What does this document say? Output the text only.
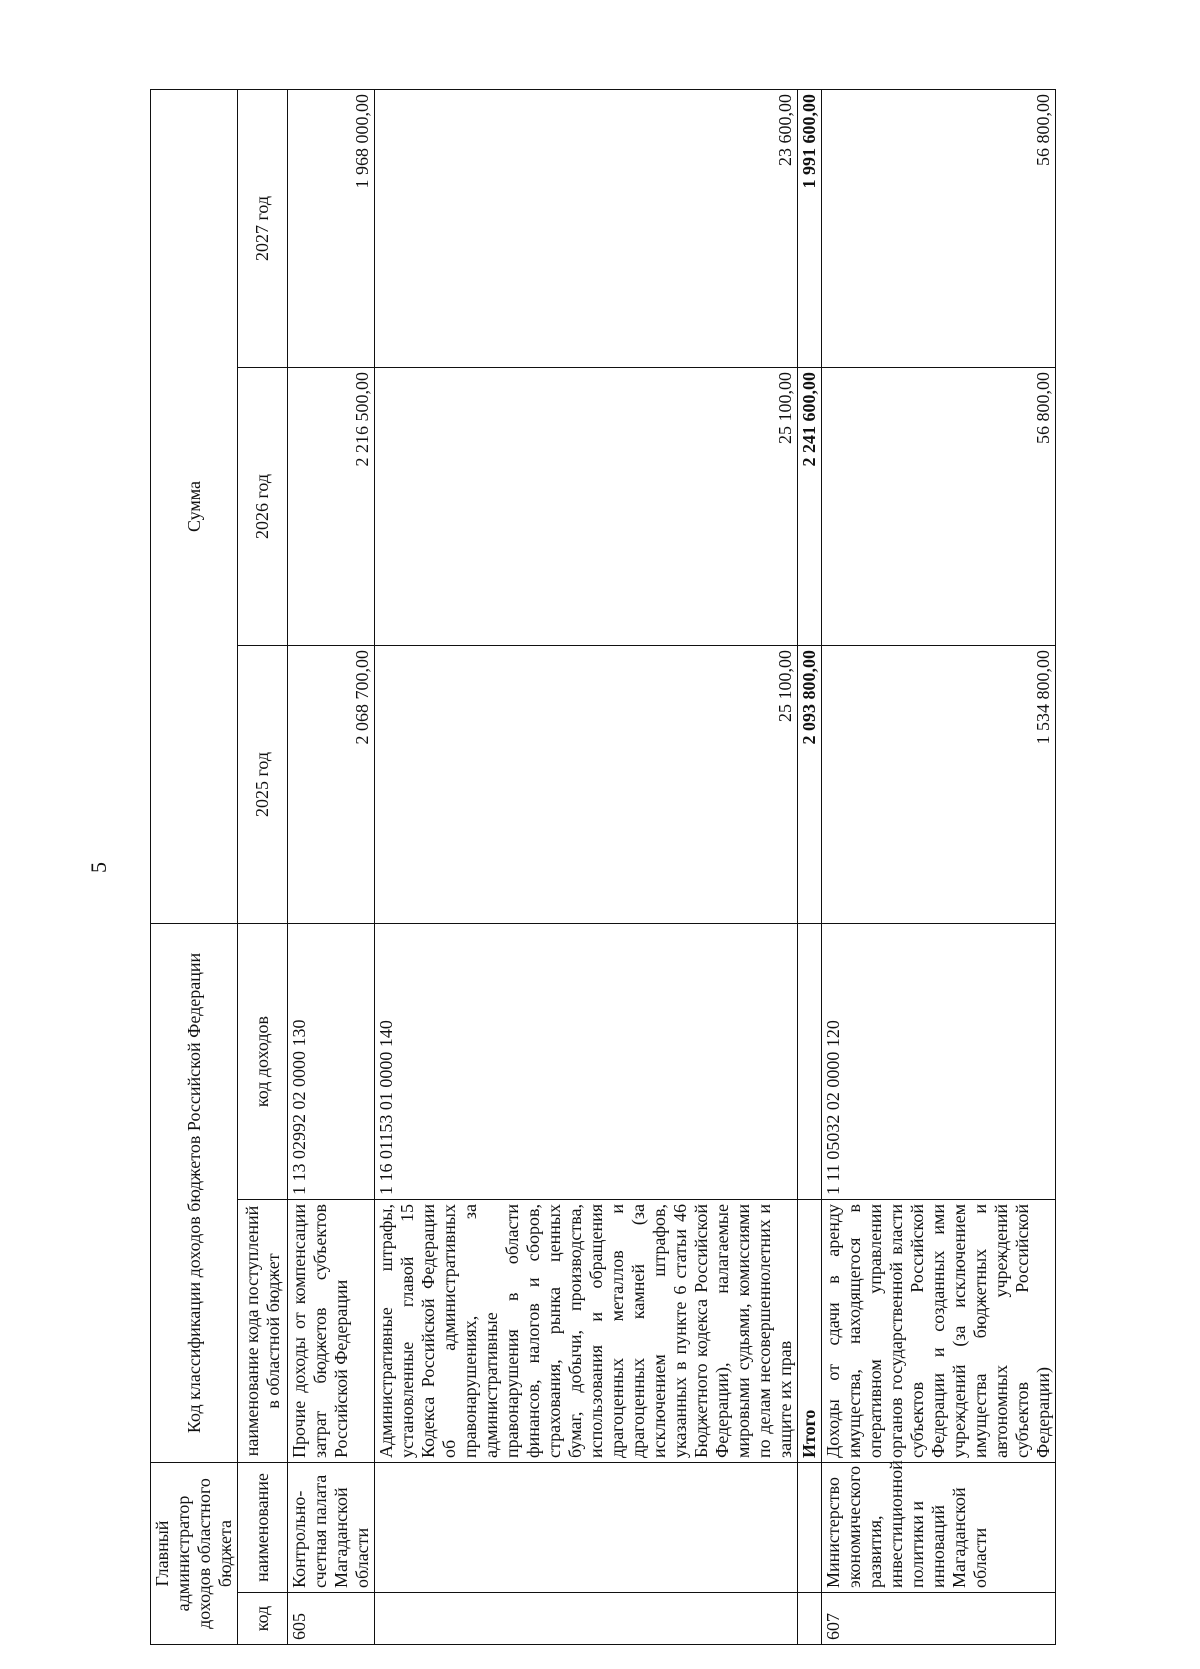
5
Главный администратор доходов областного бюджета		Код классификации доходов бюджетов Российской Федерации		Сумма		
код	наименование	наименование кода поступлений в областной бюджет	код доходов	2025 год	2026 год	2027 год
605	Контрольно-счетная палата Магаданской области	Прочие доходы от компенсации затрат бюджетов субъектов Российской Федерации	1 13 02992 02 0000 130	2 068 700,00	2 216 500,00	1 968 000,00
		Административные штрафы, установленные главой 15 Кодекса Российской Федерации об административных правонарушениях, за административные правонарушения в области финансов, налогов и сборов, страхования, рынка ценных бумаг, добычи, производства, использования и обращения драгоценных металлов и драгоценных камней (за исключением штрафов, указанных в пункте 6 статьи 46 Бюджетного кодекса Российской Федерации), налагаемые мировыми судьями, комиссиями по делам несовершеннолетних и защите их прав	1 16 01153 01 0000 140	25 100,00	25 100,00	23 600,00
		Итого		2 093 800,00	2 241 600,00	1 991 600,00
607	Министерство экономического развития, инвестиционной политики и инноваций Магаданской области	Доходы от сдачи в аренду имущества, находящегося в оперативном управлении органов государственной власти субъектов Российской Федерации и созданных ими учреждений (за исключением имущества бюджетных и автономных учреждений субъектов Российской Федерации)	1 11 05032 02 0000 120	1 534 800,00	56 800,00	56 800,00
